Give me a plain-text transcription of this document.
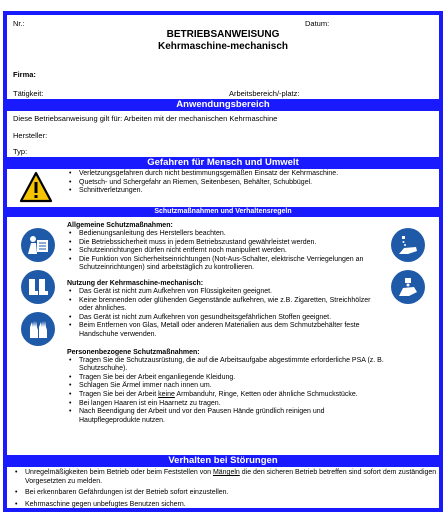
Nr.:	Datum:
BETRIEBSANWEISUNG
Kehrmaschine-mechanisch
Firma:
Tätigkeit:	Arbeitsbereich/-platz:
Anwendungsbereich
Diese Betriebsanweisung gilt für: Arbeiten mit der mechanischen Kehrmaschine
Hersteller:
Typ:
Gefahren für Mensch und Umwelt
• Verletzungsgefahren durch nicht bestimmungsgemäßen Einsatz der Kehrmaschine.
• Quetsch- und Schergefahr an Riemen, Seitenbesen, Behälter, Schubbügel.
• Schnittverletzungen.
Schutzmaßnahmen und Verhaltensregeln
Allgemeine Schutzmaßnahmen:
• Bedienungsanleitung des Herstellers beachten.
• Die Betriebssicherheit muss in jedem Betriebszustand gewährleistet werden.
• Schutzeinrichtungen dürfen nicht entfernt noch manipuliert werden.
• Die Funktion von Sicherheitseinrichtungen (Not-Aus-Schalter, elektrische Verriegelungen an Schutzeinrichtungen) sind arbeitstäglich zu kontrollieren.
Nutzung der Kehrmaschine-mechanisch:
• Das Gerät ist nicht zum Aufkehren von Flüssigkeiten geeignet.
• Keine brennenden oder glühenden Gegenstände aufkehren, wie z.B. Zigaretten, Streichhölzer oder ähnliches.
• Das Gerät ist nicht zum Aufkehren von gesundheitsgefährlichen Stoffen geeignet.
• Beim Entfernen von Glas, Metall oder anderen Materialien aus dem Schmutzbehälter feste Handschuhe verwenden.
Personenbezogene Schutzmaßnahmen:
• Tragen Sie die Schutzausrüstung, die auf die Arbeitsaufgabe abgestimmte erforderliche PSA (z. B. Schutzschuhe).
• Tragen Sie bei der Arbeit enganliegende Kleidung.
• Schlagen Sie Ärmel immer nach innen um.
• Tragen Sie bei der Arbeit keine Armbanduhr, Ringe, Ketten oder ähnliche Schmuckstücke.
• Bei langen Haaren ist ein Haarnetz zu tragen.
• Nach Beendigung der Arbeit und vor den Pausen Hände gründlich reinigen und Hautpflegeprodukte nutzen.
Verhalten bei Störungen
• Unregelmäßigkeiten beim Betrieb oder beim Feststellen von Mängeln die den sicheren Betrieb betreffen sind sofort dem zuständigen Vorgesetzten zu melden.
• Bei erkennbaren Gefährdungen ist der Betrieb sofort einzustellen.
• Kehrmaschine gegen unbefugtes Benutzen sichern.
